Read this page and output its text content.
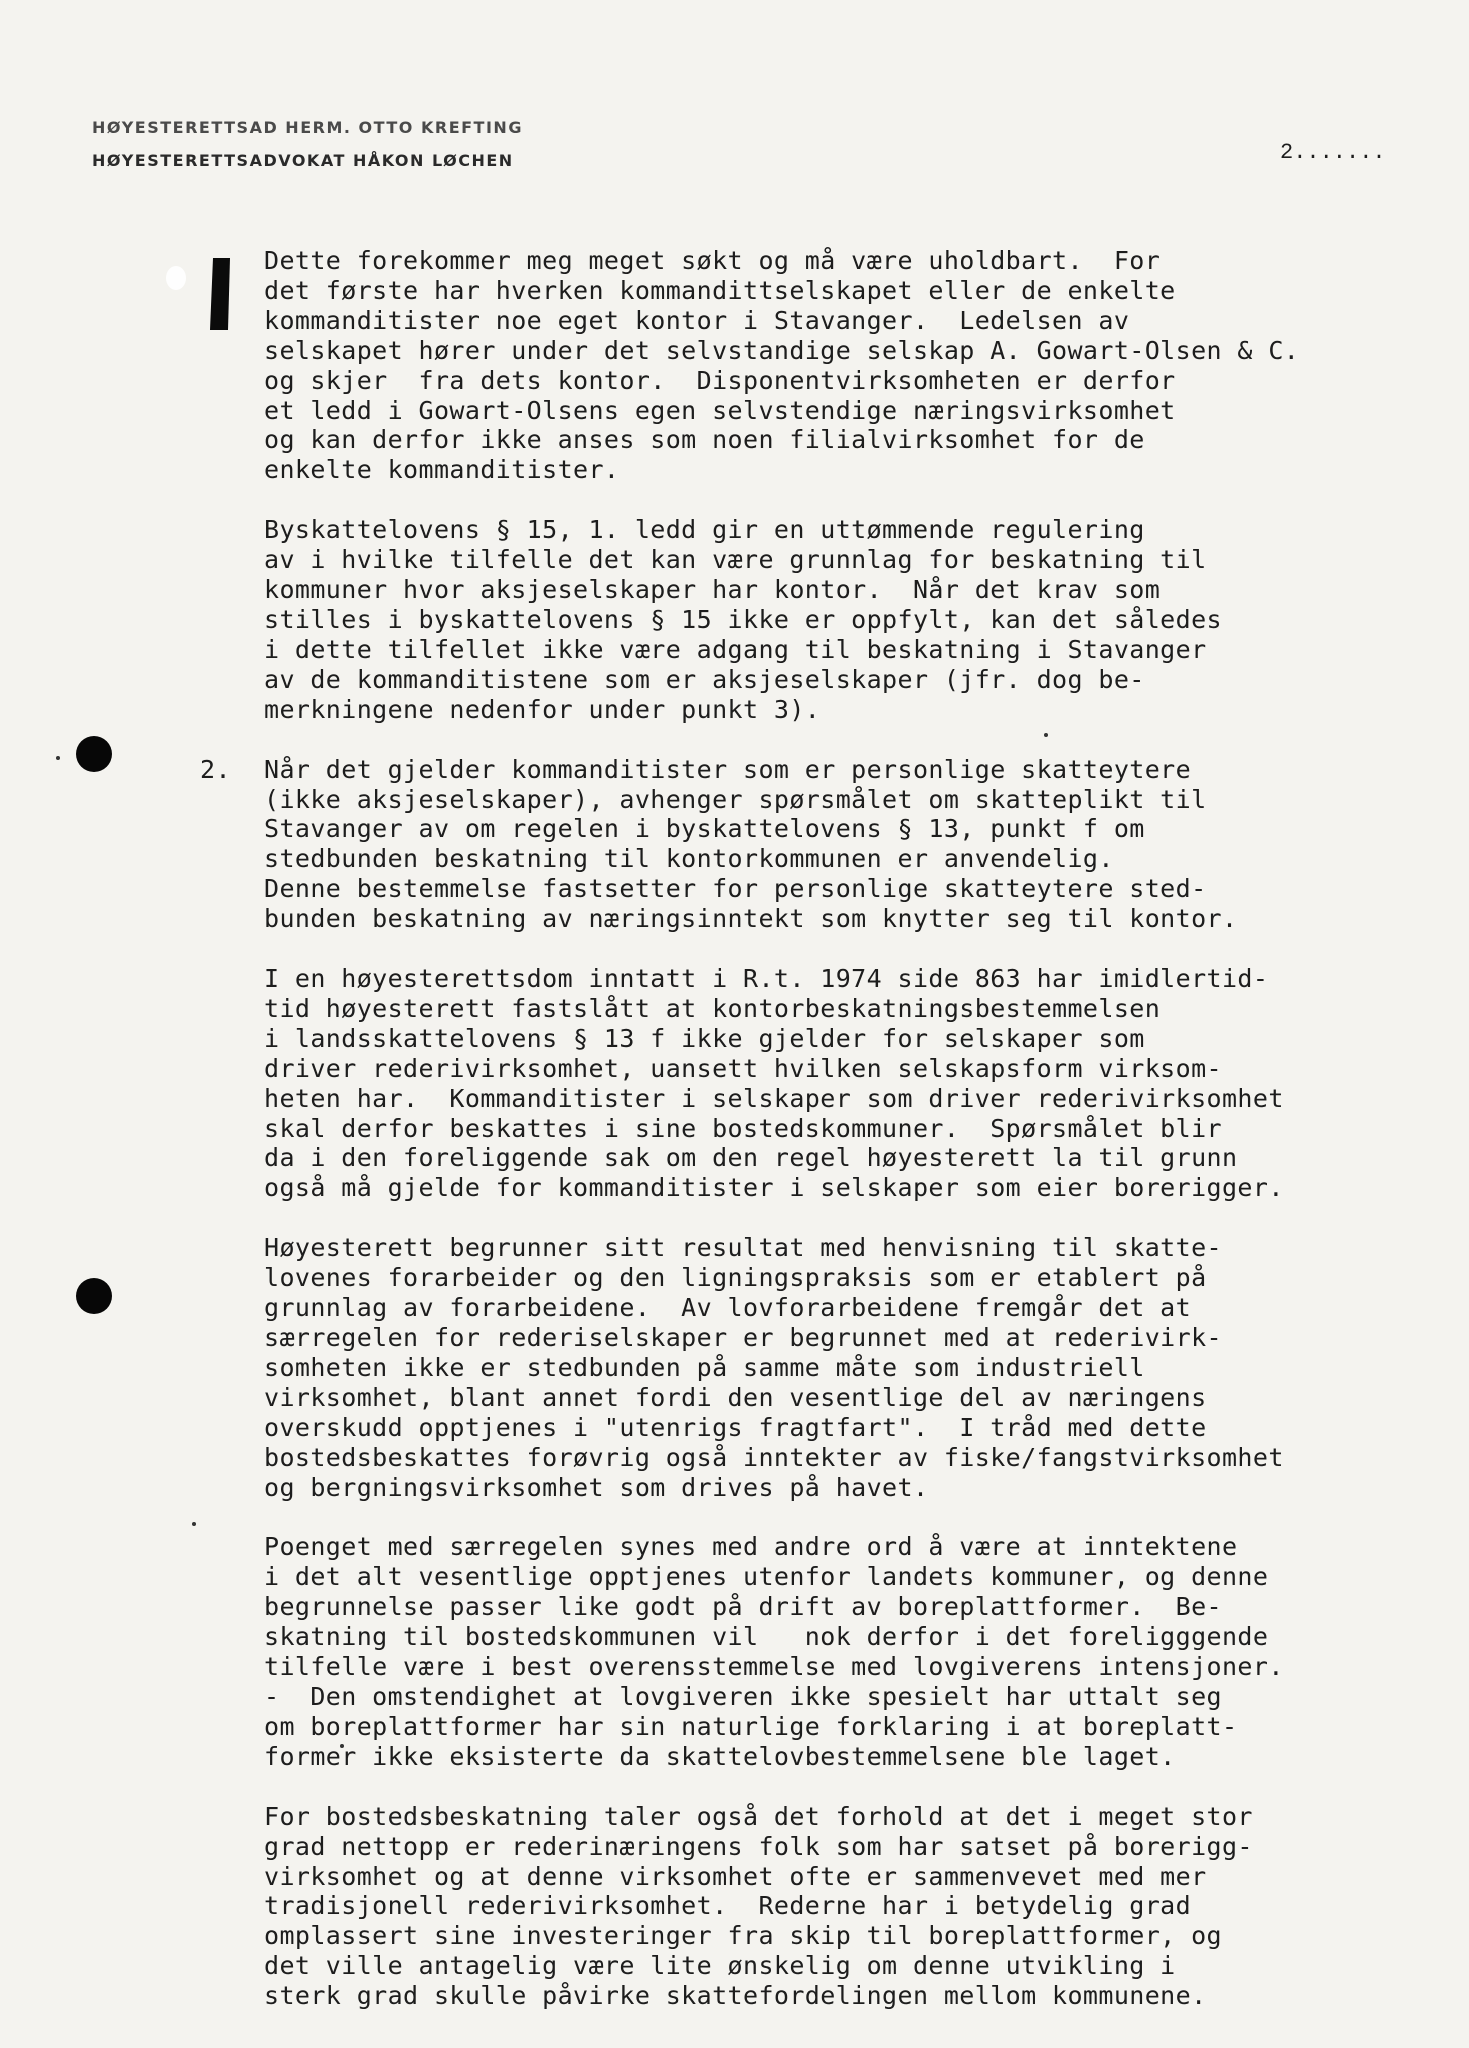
HØYESTERETTSAD HERM. OTTO KREFTING
HØYESTERETTSADVOKAT HÅKON LØCHEN	2.......
Dette forekommer meg meget søkt og må være uholdbart.  For
det første har hverken kommandittselskapet eller de enkelte
kommanditister noe eget kontor i Stavanger.  Ledelsen av
selskapet hører under det selvstandige selskap A. Gowart-Olsen & C.
og skjer  fra dets kontor.  Disponentvirksomheten er derfor
et ledd i Gowart-Olsens egen selvstendige næringsvirksomhet
og kan derfor ikke anses som noen filialvirksomhet for de
enkelte kommanditister.
Byskattelovens § 15, 1. ledd gir en uttømmende regulering
av i hvilke tilfelle det kan være grunnlag for beskatning til
kommuner hvor aksjeselskaper har kontor.  Når det krav som
stilles i byskattelovens § 15 ikke er oppfylt, kan det således
i dette tilfellet ikke være adgang til beskatning i Stavanger
av de kommanditistene som er aksjeselskaper (jfr. dog be-
merkningene nedenfor under punkt 3).
2. Når det gjelder kommanditister som er personlige skatteytere
(ikke aksjeselskaper), avhenger spørsmålet om skatteplikt til
Stavanger av om regelen i byskattelovens § 13, punkt f om
stedbunden beskatning til kontorkommunen er anvendelig.
Denne bestemmelse fastsetter for personlige skatteytere sted-
bunden beskatning av næringsinntekt som knytter seg til kontor.
I en høyesterettsdom inntatt i R.t. 1974 side 863 har imidlertid-
tid høyesterett fastslått at kontorbeskatningsbestemmelsen
i landsskattelovens § 13 f ikke gjelder for selskaper som
driver rederivirksomhet, uansett hvilken selskapsform virksom-
heten har.  Kommanditister i selskaper som driver rederivirksomhet
skal derfor beskattes i sine bostedskommuner.  Spørsmålet blir
da i den foreliggende sak om den regel høyesterett la til grunn
også må gjelde for kommanditister i selskaper som eier borerigger.
Høyesterett begrunner sitt resultat med henvisning til skatte-
lovenes forarbeider og den ligningspraksis som er etablert på
grunnlag av forarbeidene.  Av lovforarbeidene fremgår det at
særregelen for rederiselskaper er begrunnet med at rederivirk-
somheten ikke er stedbunden på samme måte som industriell
virksomhet, blant annet fordi den vesentlige del av næringens
overskudd opptjenes i "utenrigs fragtfart".  I tråd med dette
bostedsbeskattes forøvrig også inntekter av fiske/fangstvirksomhet
og bergningsvirksomhet som drives på havet.
Poenget med særregelen synes med andre ord å være at inntektene
i det alt vesentlige opptjenes utenfor landets kommuner, og denne
begrunnelse passer like godt på drift av boreplattformer.  Be-
skatning til bostedskommunen vil   nok derfor i det foreligggende
tilfelle være i best overensstemmelse med lovgiverens intensjoner.
-  Den omstendighet at lovgiveren ikke spesielt har uttalt seg
om boreplattformer har sin naturlige forklaring i at boreplatt-
former ikke eksisterte da skattelovbestemmelsene ble laget.
For bostedsbeskatning taler også det forhold at det i meget stor
grad nettopp er rederinæringens folk som har satset på borerigg-
virksomhet og at denne virksomhet ofte er sammenvevet med mer
tradisjonell rederivirksomhet.  Rederne har i betydelig grad
omplassert sine investeringer fra skip til boreplattformer, og
det ville antagelig være lite ønskelig om denne utvikling i
sterk grad skulle påvirke skattefordelingen mellom kommunene.
